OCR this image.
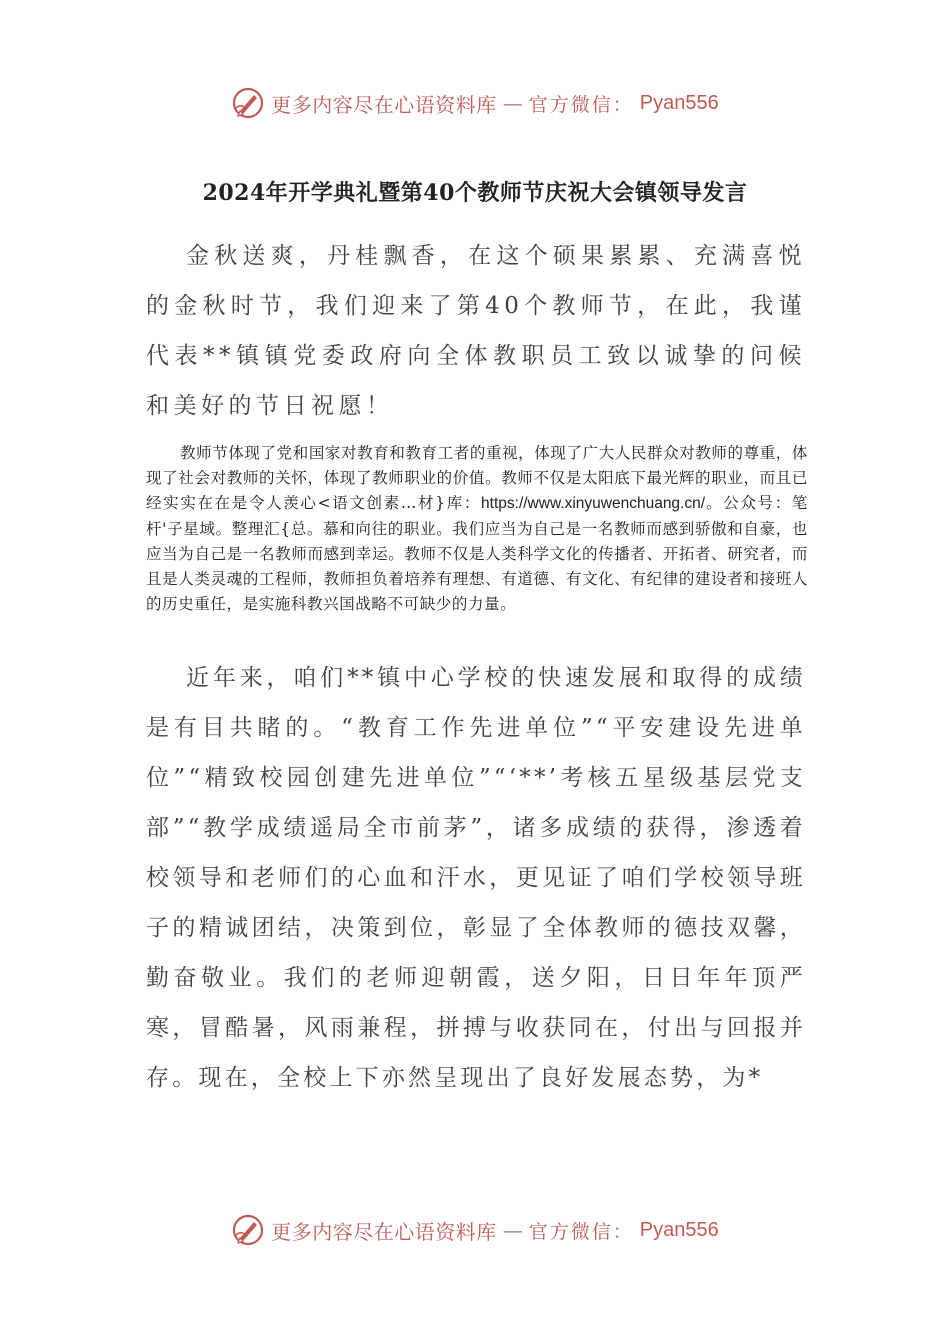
更多内容尽在心语资料库 — 官方微信： Pyan556
2024年开学典礼暨第40个教师节庆祝大会镇领导发言

金秋送爽，丹桂飘香，在这个硕果累累、充满喜悦的金秋时节，我们迎来了第40个教师节，在此，我谨代表**镇镇党委政府向全体教职员工致以诚挚的问候和美好的节日祝愿！

教师节体现了党和国家对教育和教育工者的重视，体现了广大人民群众对教师的尊重，体现了社会对教师的关怀，体现了教师职业的价值。教师不仅是太阳底下最光辉的职业，而且已经实实在在是令人羡心<语文创素…材}库：https://www.xinyuwenchuang.cn/。公众号：笔杆'子星域。整理汇{总。慕和向往的职业。我们应当为自己是一名教师而感到骄傲和自豪，也应当为自己是一名教师而感到幸运。教师不仅是人类科学文化的传播者、开拓者、研究者，而且是人类灵魂的工程师，教师担负着培养有理想、有道德、有文化、有纪律的建设者和接班人的历史重任，是实施科教兴国战略不可缺少的力量。

近年来，咱们**镇中心学校的快速发展和取得的成绩是有目共睹的。“教育工作先进单位”“平安建设先进单位”“精致校园创建先进单位”“‘**’考核五星级基层党支部”“教学成绩遥局全市前茅”，诸多成绩的获得，渗透着校领导和老师们的心血和汗水，更见证了咱们学校领导班子的精诚团结，决策到位，彰显了全体教师的德技双馨，勤奋敬业。我们的老师迎朝霞，送夕阳，日日年年顶严寒，冒酷暑，风雨兼程，拼搏与收获同在，付出与回报并存。现在，全校上下亦然呈现出了良好发展态势，为*

更多内容尽在心语资料库 — 官方微信： Pyan556
